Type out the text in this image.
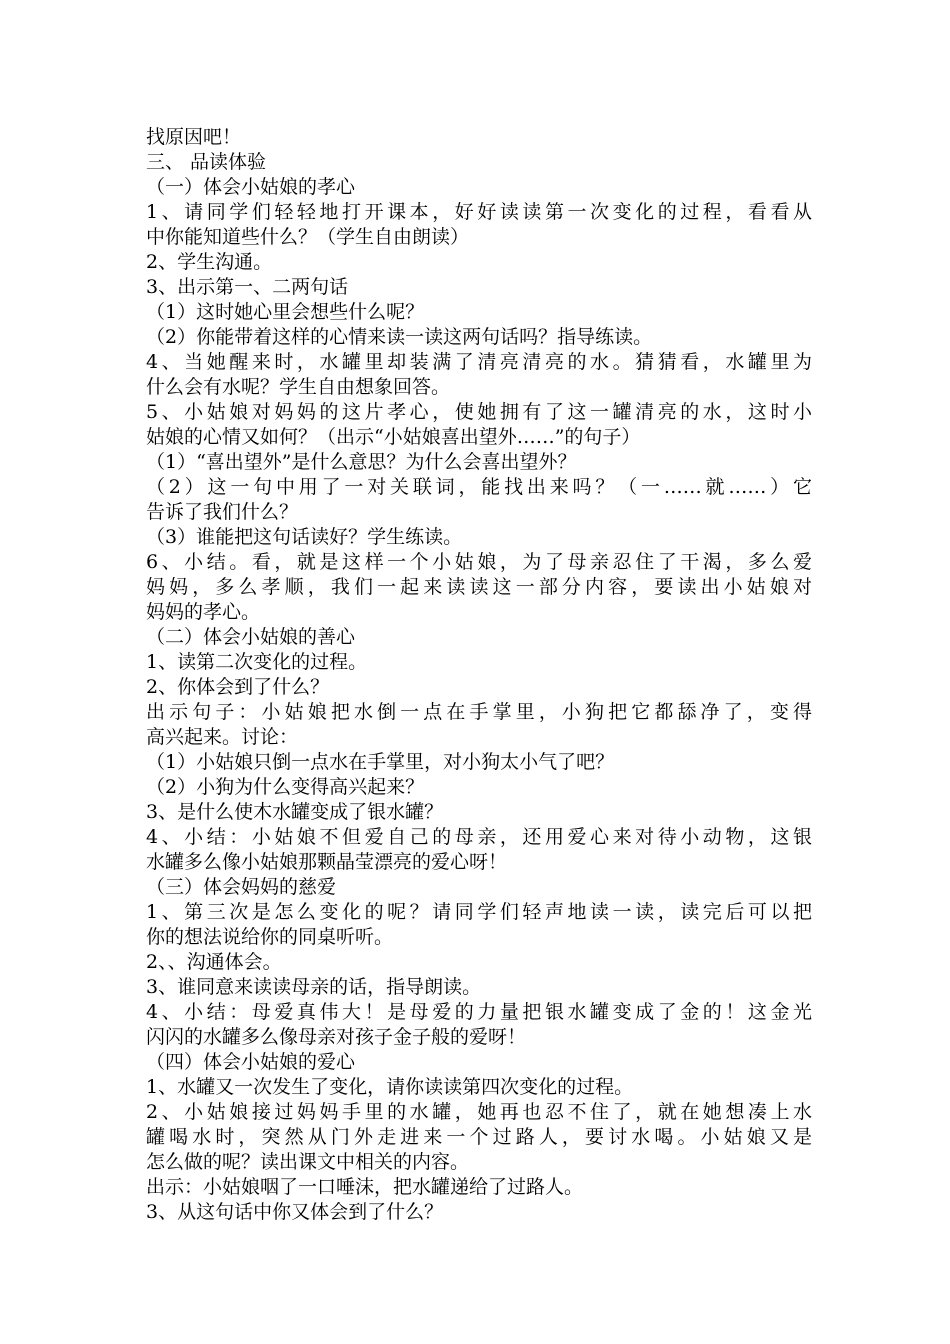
找原因吧！
三、 品读体验
（一）体会小姑娘的孝心
1、请同学们轻轻地打开课本，好好读读第一次变化的过程，看看从
中你能知道些什么？（学生自由朗读）
2、学生沟通。
3、出示第一、二两句话
（1）这时她心里会想些什么呢？
（2）你能带着这样的心情来读一读这两句话吗？指导练读。
4、当她醒来时，水罐里却装满了清亮清亮的水。猜猜看，水罐里为
什么会有水呢？学生自由想象回答。
5、小姑娘对妈妈的这片孝心，使她拥有了这一罐清亮的水，这时小
姑娘的心情又如何？（出示“小姑娘喜出望外……”的句子）
（1）“喜出望外”是什么意思？为什么会喜出望外？
（2）这一句中用了一对关联词，能找出来吗？（一……就……）它
告诉了我们什么？
（3）谁能把这句话读好？学生练读。
6、小结。看，就是这样一个小姑娘，为了母亲忍住了干渴，多么爱
妈妈，多么孝顺，我们一起来读读这一部分内容，要读出小姑娘对
妈妈的孝心。
（二）体会小姑娘的善心
1、读第二次变化的过程。
2、你体会到了什么？
出示句子：小姑娘把水倒一点在手掌里，小狗把它都舔净了，变得
高兴起来。讨论：
（1）小姑娘只倒一点水在手掌里，对小狗太小气了吧？
（2）小狗为什么变得高兴起来？
3、是什么使木水罐变成了银水罐？
4、小结：小姑娘不但爱自己的母亲，还用爱心来对待小动物，这银
水罐多么像小姑娘那颗晶莹漂亮的爱心呀！
（三）体会妈妈的慈爱
1、第三次是怎么变化的呢？请同学们轻声地读一读，读完后可以把
你的想法说给你的同桌听听。
2、、沟通体会。
3、谁同意来读读母亲的话，指导朗读。
4、小结：母爱真伟大！是母爱的力量把银水罐变成了金的！这金光
闪闪的水罐多么像母亲对孩子金子般的爱呀！
（四）体会小姑娘的爱心
1、水罐又一次发生了变化，请你读读第四次变化的过程。
2、小姑娘接过妈妈手里的水罐，她再也忍不住了，就在她想凑上水
罐喝水时，突然从门外走进来一个过路人，要讨水喝。小姑娘又是
怎么做的呢？读出课文中相关的内容。
出示：小姑娘咽了一口唾沫，把水罐递给了过路人。
3、从这句话中你又体会到了什么？
